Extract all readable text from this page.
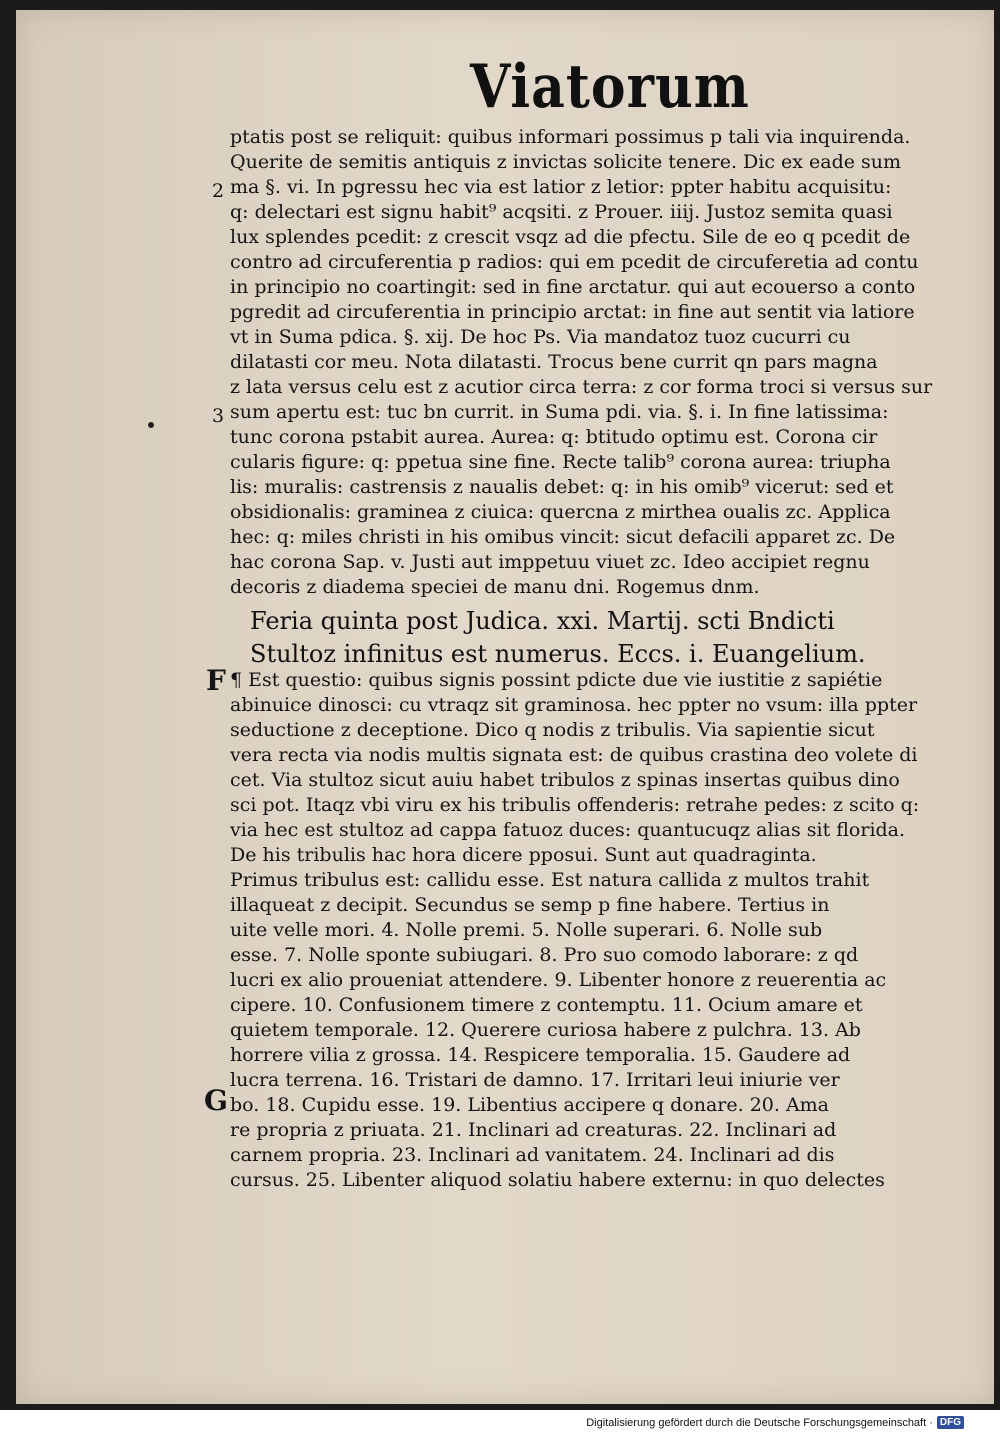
Viatorum
ptatis post se reliquit: quibus informari possimus p tali via inquirenda.
Querite de semitis antiquis z invictas solicite tenere. Dic ex eade sum
ma §. vi. In pgressu hec via est latior z letior: ppter habitu acquisitu:
q: delectari est signu habit⁹ acqsiti. z Prouer. iiij. Justoz semita quasi
lux splendes pcedit: z crescit vsqz ad die pfectu. Sile de eo q pcedit de
contro ad circuferentia p radios: qui em pcedit de circuferetia ad contu
in principio no coartingit: sed in fine arctatur. qui aut ecouerso a conto
pgredit ad circuferentia in principio arctat: in fine aut sentit via latiore
vt in Suma pdica. §. xij. De hoc Ps. Via mandatoz tuoz cucurri cu
dilatasti cor meu. Nota dilatasti. Trocus bene currit qn pars magna
z lata versus celu est z acutior circa terra: z cor forma troci si versus sur
sum apertu est: tuc bn currit. in Suma pdi. via. §. i. In fine latissima:
tunc corona pstabit aurea. Aurea: q: btitudo optimu est. Corona cir
cularis figure: q: ppetua sine fine. Recte talib⁹ corona aurea: triupha
lis: muralis: castrensis z naualis debet: q: in his omib⁹ vicerut: sed et
obsidionalis: graminea z ciuica: quercna z mirthea oualis zc. Applica
hec: q: miles christi in his omibus vincit: sicut defacili apparet zc. De
hac corona Sap. v. Justi aut imppetuu viuet zc. Ideo accipiet regnu
decoris z diadema speciei de manu dni. Rogemus dnm.
2
3
Feria quinta post Judica. xxi. Martij. scti Bndicti
Stultoz infinitus est numerus. Eccs. i. Euangelium.
F ¶ Est questio: quibus signis possint pdicte due vie iustitie z sapiétie
abinuice dinosci: cu vtraqz sit graminosa. hec ppter no vsum: illa ppter
seductione z deceptione. Dico q nodis z tribulis. Via sapientie sicut
vera recta via nodis multis signata est: de quibus crastina deo volete di
cet. Via stultoz sicut auiu habet tribulos z spinas insertas quibus dino
sci pot. Itaqz vbi viru ex his tribulis offenderis: retrahe pedes: z scito q:
via hec est stultoz ad cappa fatuoz duces: quantucuqz alias sit florida.
De his tribulis hac hora dicere pposui. Sunt aut quadraginta.
Primus tribulus est: callidu esse. Est natura callida z multos trahit
illaqueat z decipit. Secundus se semp p fine habere. Tertius in
uite velle mori. 4. Nolle premi. 5. Nolle superari. 6. Nolle sub
esse. 7. Nolle sponte subiugari. 8. Pro suo comodo laborare: z qd
lucri ex alio proueniat attendere. 9. Libenter honore z reuerentia ac
cipere. 10. Confusionem timere z contemptu. 11. Ocium amare et
quietem temporale. 12. Querere curiosa habere z pulchra. 13. Ab
horrere vilia z grossa. 14. Respicere temporalia. 15. Gaudere ad
lucra terrena. 16. Tristari de damno. 17. Irritari leui iniurie ver
bo. 18. Cupidu esse. 19. Libentius accipere q donare. 20. Ama
re propria z priuata. 21. Inclinari ad creaturas. 22. Inclinari ad
carnem propria. 23. Inclinari ad vanitatem. 24. Inclinari ad dis
cursus. 25. Libenter aliquod solatiu habere externu: in quo delectes
G
Digitalisierung gefördert durch die Deutsche Forschungsgemeinschaft · DFG
